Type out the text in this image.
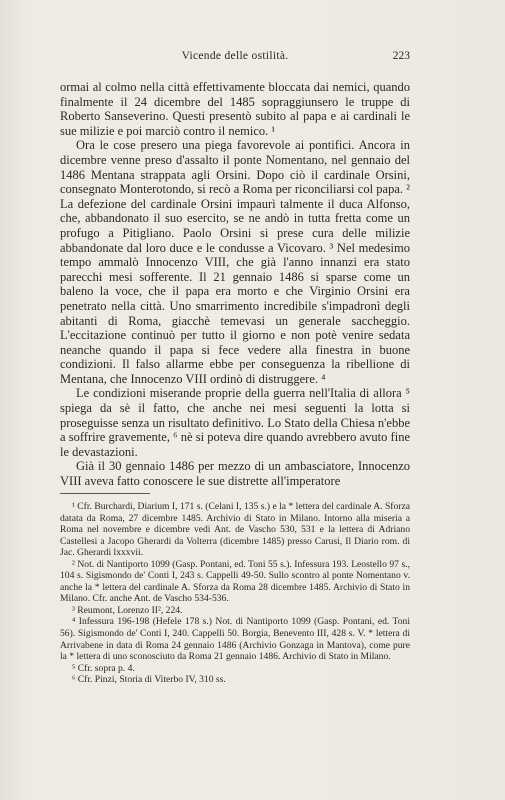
Vicende delle ostilità.	223

ormai al colmo nella città effettivamente bloccata dai nemici, quando finalmente il 24 dicembre del 1485 sopraggiunsero le truppe di Roberto Sanseverino. Questi presentò subito al papa e ai cardinali le sue milizie e poi marciò contro il nemico. ¹

Ora le cose presero una piega favorevole ai pontifici. Ancora in dicembre venne preso d'assalto il ponte Nomentano, nel gennaio del 1486 Mentana strappata agli Orsini. Dopo ciò il cardinale Orsini, consegnato Monterotondo, si recò a Roma per riconciliarsi col papa. ² La defezione del cardinale Orsini impaurì talmente il duca Alfonso, che, abbandonato il suo esercito, se ne andò in tutta fretta come un profugo a Pitigliano. Paolo Orsini si prese cura delle milizie abbandonate dal loro duce e le condusse a Vicovaro. ³ Nel medesimo tempo ammalò Innocenzo VIII, che già l'anno innanzi era stato parecchi mesi sofferente. Il 21 gennaio 1486 si sparse come un baleno la voce, che il papa era morto e che Virginio Orsini era penetrato nella città. Uno smarrimento incredibile s'impadronì degli abitanti di Roma, giacchè temevasi un generale saccheggio. L'eccitazione continuò per tutto il giorno e non potè venire sedata neanche quando il papa si fece vedere alla finestra in buone condizioni. Il falso allarme ebbe per conseguenza la ribellione di Mentana, che Innocenzo VIII ordinò di distruggere. ⁴

Le condizioni miserande proprie della guerra nell'Italia di allora ⁵ spiega da sè il fatto, che anche nei mesi seguenti la lotta si proseguisse senza un risultato definitivo. Lo Stato della Chiesa n'ebbe a soffrire gravemente, ⁶ nè si poteva dire quando avrebbero avuto fine le devastazioni.

Già il 30 gennaio 1486 per mezzo di un ambasciatore, Innocenzo VIII aveva fatto conoscere le sue distrette all'imperatore

¹ Cfr. Burchardi, Diarium I, 171 s. (Celani I, 135 s.) e la * lettera del cardinale A. Sforza datata da Roma, 27 dicembre 1485. Archivio di Stato in Milano. Intorno alla miseria a Roma nel novembre e dicembre vedi Ant. de Vascho 530, 531 e la lettera di Adriano Castellesi a Jacopo Gherardi da Volterra (dicembre 1485) presso Carusi, Il Diario rom. di Jac. Gherardi lxxxvii.

² Not. di Nantiporto 1099 (Gasp. Pontani, ed. Toni 55 s.). Infessura 193. Leostello 97 s., 104 s. Sigismondo de' Conti I, 243 s. Cappelli 49-50. Sullo scontro al ponte Nomentano v. anche la * lettera del cardinale A. Sforza da Roma 28 dicembre 1485. Archivio di Stato in Milano. Cfr. anche Ant. de Vascho 534-536.

³ Reumont, Lorenzo II², 224.

⁴ Infessura 196-198 (Hefele 178 s.) Not. di Nantiporto 1099 (Gasp. Pontani, ed. Toni 56). Sigismondo de' Conti I, 240. Cappelli 50. Borgia, Benevento III, 428 s. V. * lettera di Arrivabene in data di Roma 24 gennaio 1486 (Archivio Gonzaga in Mantova), come pure la * lettera di uno sconosciuto da Roma 21 gennaio 1486. Archivio di Stato in Milano.

⁵ Cfr. sopra p. 4.

⁶ Cfr. Pinzi, Storia di Viterbo IV, 310 ss.
